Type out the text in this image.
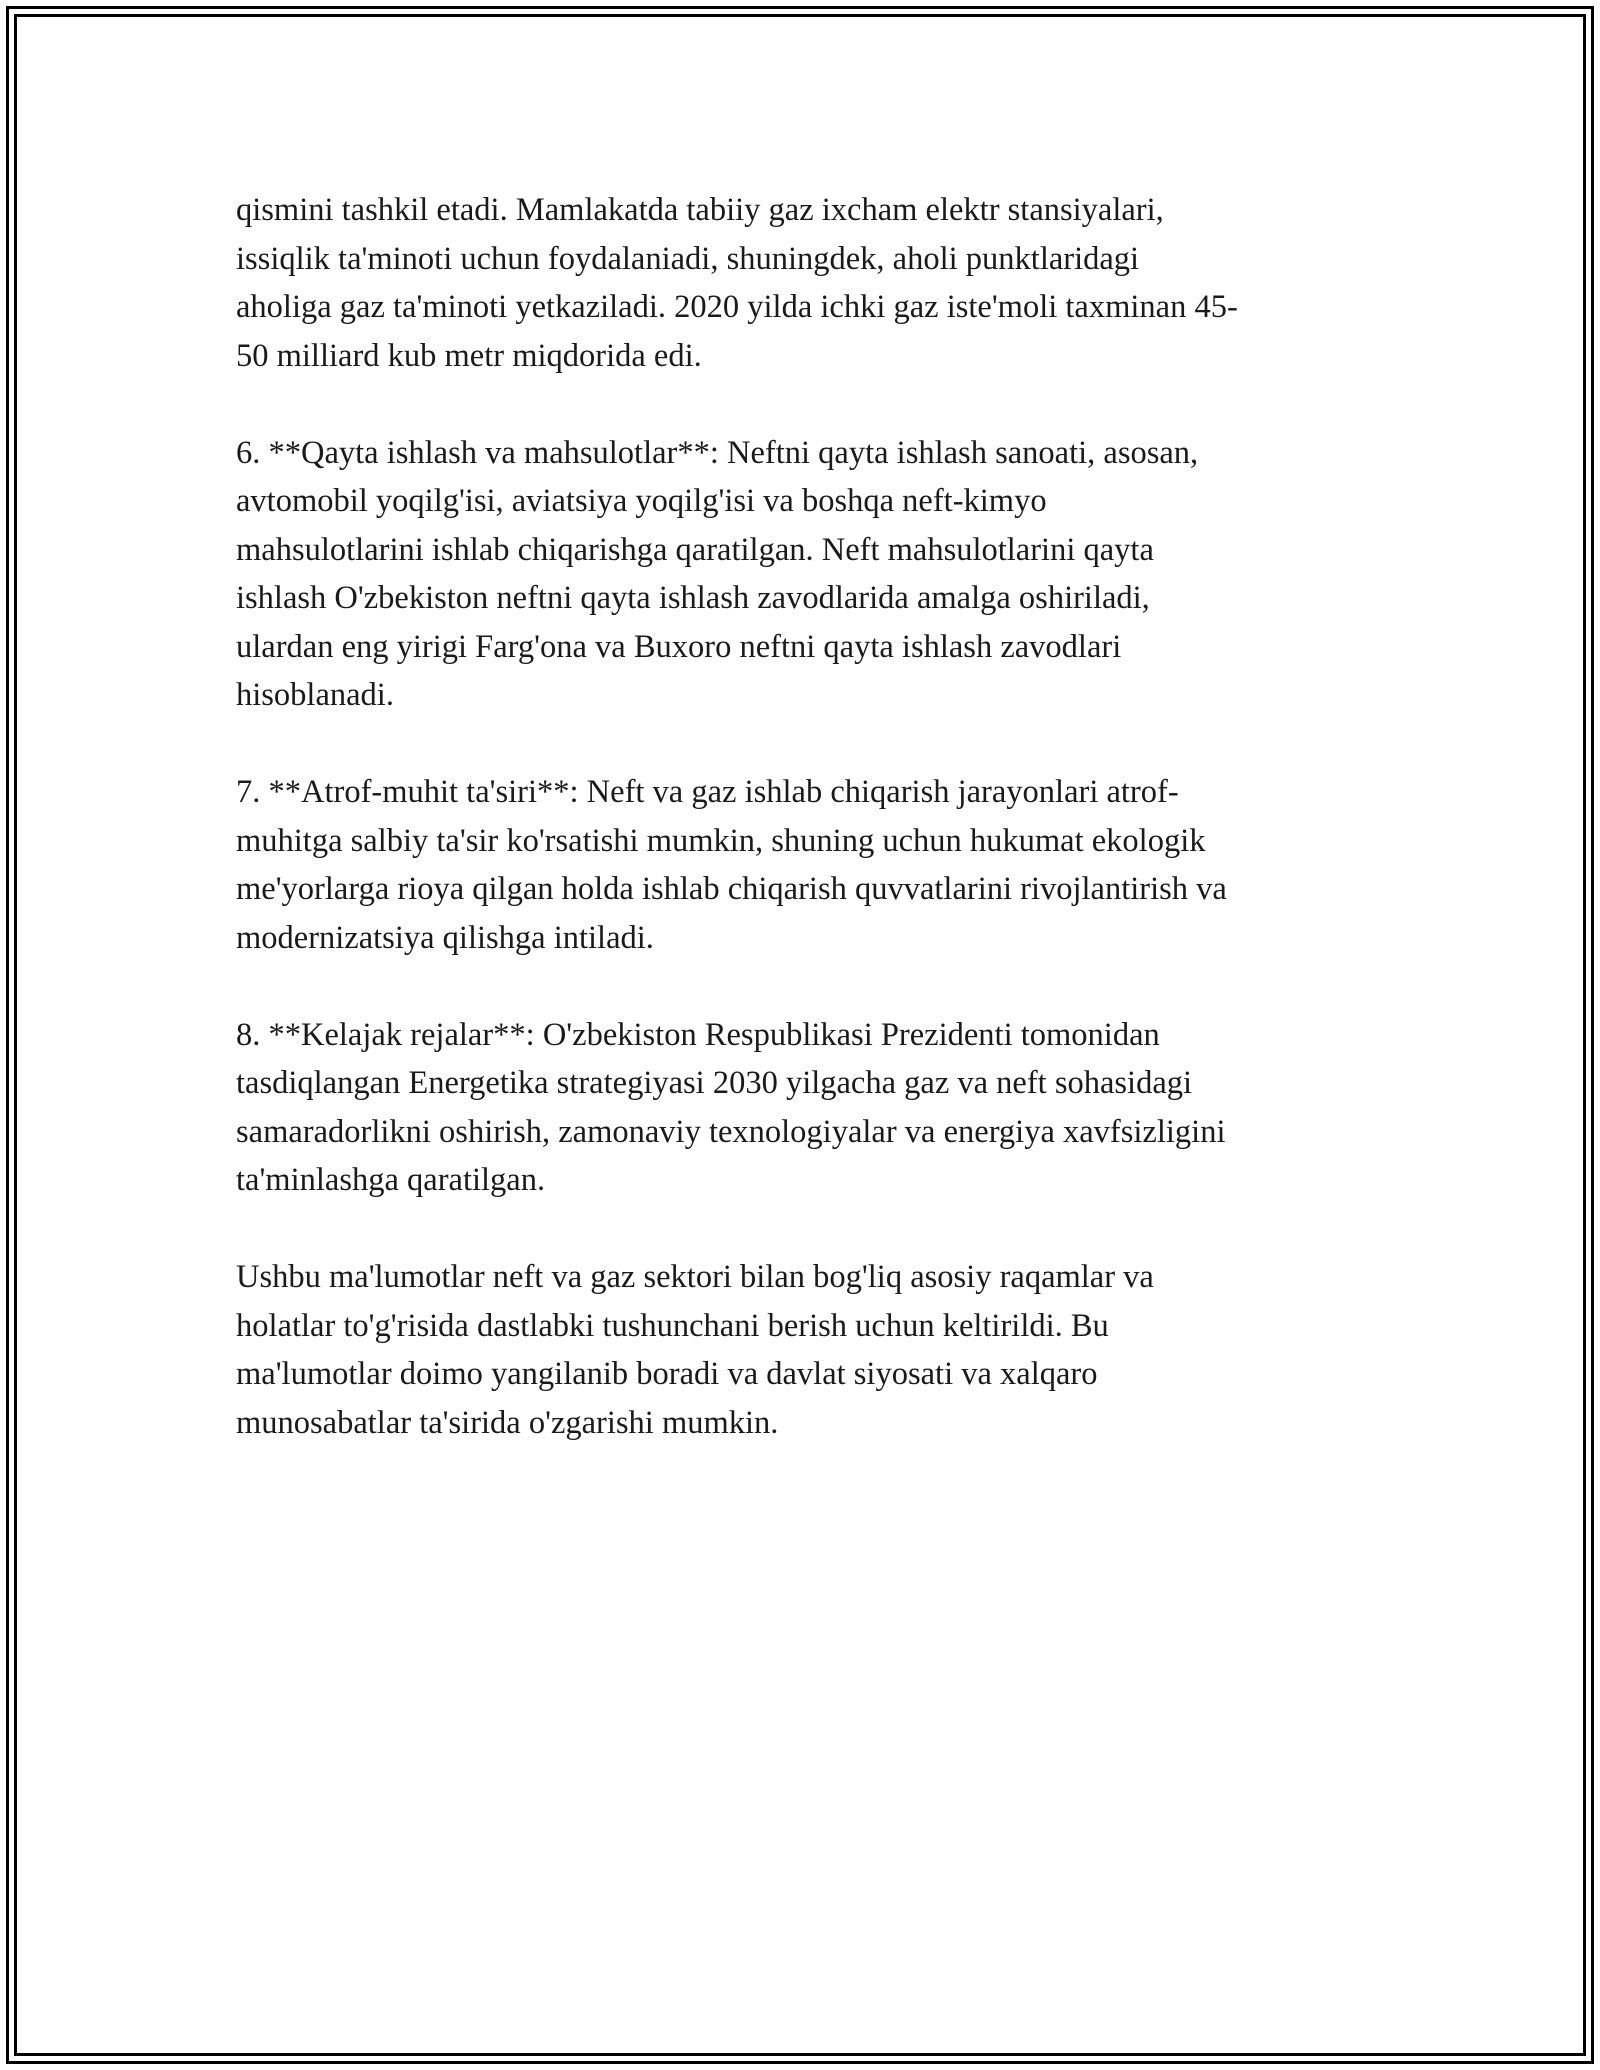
qismini tashkil etadi. Mamlakatda tabiiy gaz ixcham elektr stansiyalari,
issiqlik ta'minoti uchun foydalaniadi, shuningdek, aholi punktlaridagi
aholiga gaz ta'minoti yetkaziladi. 2020 yilda ichki gaz iste'moli taxminan 45-
50 milliard kub metr miqdorida edi.

6. **Qayta ishlash va mahsulotlar**: Neftni qayta ishlash sanoati, asosan,
avtomobil yoqilg'isi, aviatsiya yoqilg'isi va boshqa neft-kimyo
mahsulotlarini ishlab chiqarishga qaratilgan. Neft mahsulotlarini qayta
ishlash O'zbekiston neftni qayta ishlash zavodlarida amalga oshiriladi,
ulardan eng yirigi Farg'ona va Buxoro neftni qayta ishlash zavodlari
hisoblanadi.

7. **Atrof-muhit ta'siri**: Neft va gaz ishlab chiqarish jarayonlari atrof-
muhitga salbiy ta'sir ko'rsatishi mumkin, shuning uchun hukumat ekologik
me'yorlarga rioya qilgan holda ishlab chiqarish quvvatlarini rivojlantirish va
modernizatsiya qilishga intiladi.

8. **Kelajak rejalar**: O'zbekiston Respublikasi Prezidenti tomonidan
tasdiqlangan Energetika strategiyasi 2030 yilgacha gaz va neft sohasidagi
samaradorlikni oshirish, zamonaviy texnologiyalar va energiya xavfsizligini
ta'minlashga qaratilgan.

Ushbu ma'lumotlar neft va gaz sektori bilan bog'liq asosiy raqamlar va
holatlar to'g'risida dastlabki tushunchani berish uchun keltirildi. Bu
ma'lumotlar doimo yangilanib boradi va davlat siyosati va xalqaro
munosabatlar ta'sirida o'zgarishi mumkin.
